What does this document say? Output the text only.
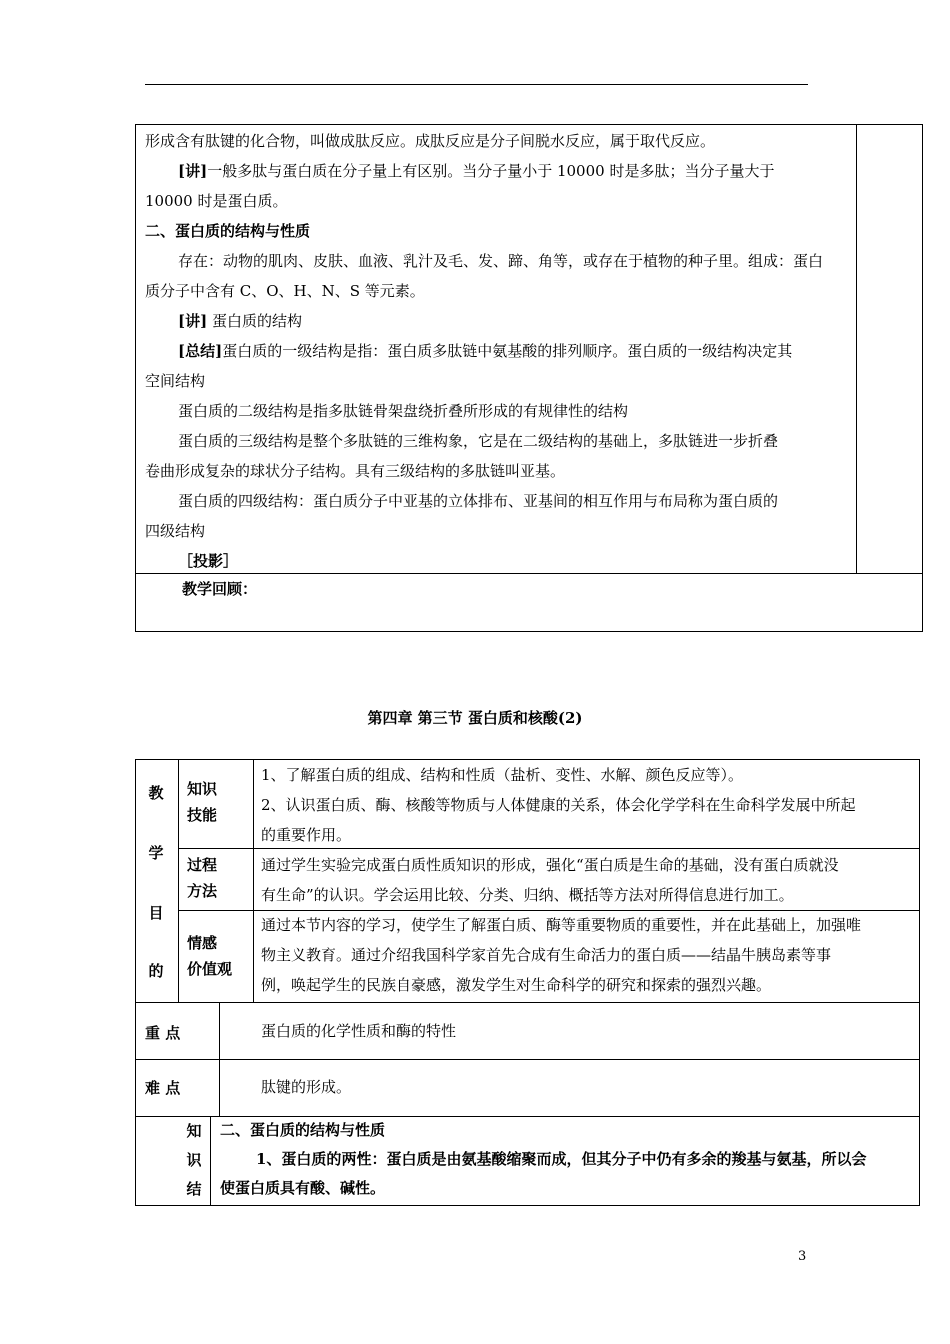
形成含有肽键的化合物，叫做成肽反应。成肽反应是分子间脱水反应，属于取代反应。
[讲]一般多肽与蛋白质在分子量上有区别。当分子量小于 10000 时是多肽；当分子量大于
10000 时是蛋白质。
二、蛋白质的结构与性质
存在：动物的肌肉、皮肤、血液、乳汁及毛、发、蹄、角等，或存在于植物的种子里。组成：蛋白
质分子中含有 C、O、H、N、S 等元素。
[讲] 蛋白质的结构
[总结]蛋白质的一级结构是指：蛋白质多肽链中氨基酸的排列顺序。蛋白质的一级结构决定其
空间结构
蛋白质的二级结构是指多肽链骨架盘绕折叠所形成的有规律性的结构
蛋白质的三级结构是整个多肽链的三维构象，它是在二级结构的基础上，多肽链进一步折叠
卷曲形成复杂的球状分子结构。具有三级结构的多肽链叫亚基。
蛋白质的四级结构：蛋白质分子中亚基的立体排布、亚基间的相互作用与布局称为蛋白质的
四级结构
［投影］
教学回顾：
第四章 第三节 蛋白质和核酸(2)
教
学
目
的
知识
技能
1、了解蛋白质的组成、结构和性质（盐析、变性、水解、颜色反应等）。
2、认识蛋白质、酶、核酸等物质与人体健康的关系，体会化学学科在生命科学发展中所起
的重要作用。
过程
方法
通过学生实验完成蛋白质性质知识的形成，强化“蛋白质是生命的基础，没有蛋白质就没
有生命”的认识。学会运用比较、分类、归纳、概括等方法对所得信息进行加工。
情感
价值观
通过本节内容的学习，使学生了解蛋白质、酶等重要物质的重要性，并在此基础上，加强唯
物主义教育。通过介绍我国科学家首先合成有生命活力的蛋白质——结晶牛胰岛素等事
例，唤起学生的民族自豪感，激发学生对生命科学的研究和探索的强烈兴趣。
重 点	蛋白质的化学性质和酶的特性
难 点	肽键的形成。
知
识
结
二、蛋白质的结构与性质
1、蛋白质的两性：蛋白质是由氨基酸缩聚而成，但其分子中仍有多余的羧基与氨基，所以会
使蛋白质具有酸、碱性。
3
